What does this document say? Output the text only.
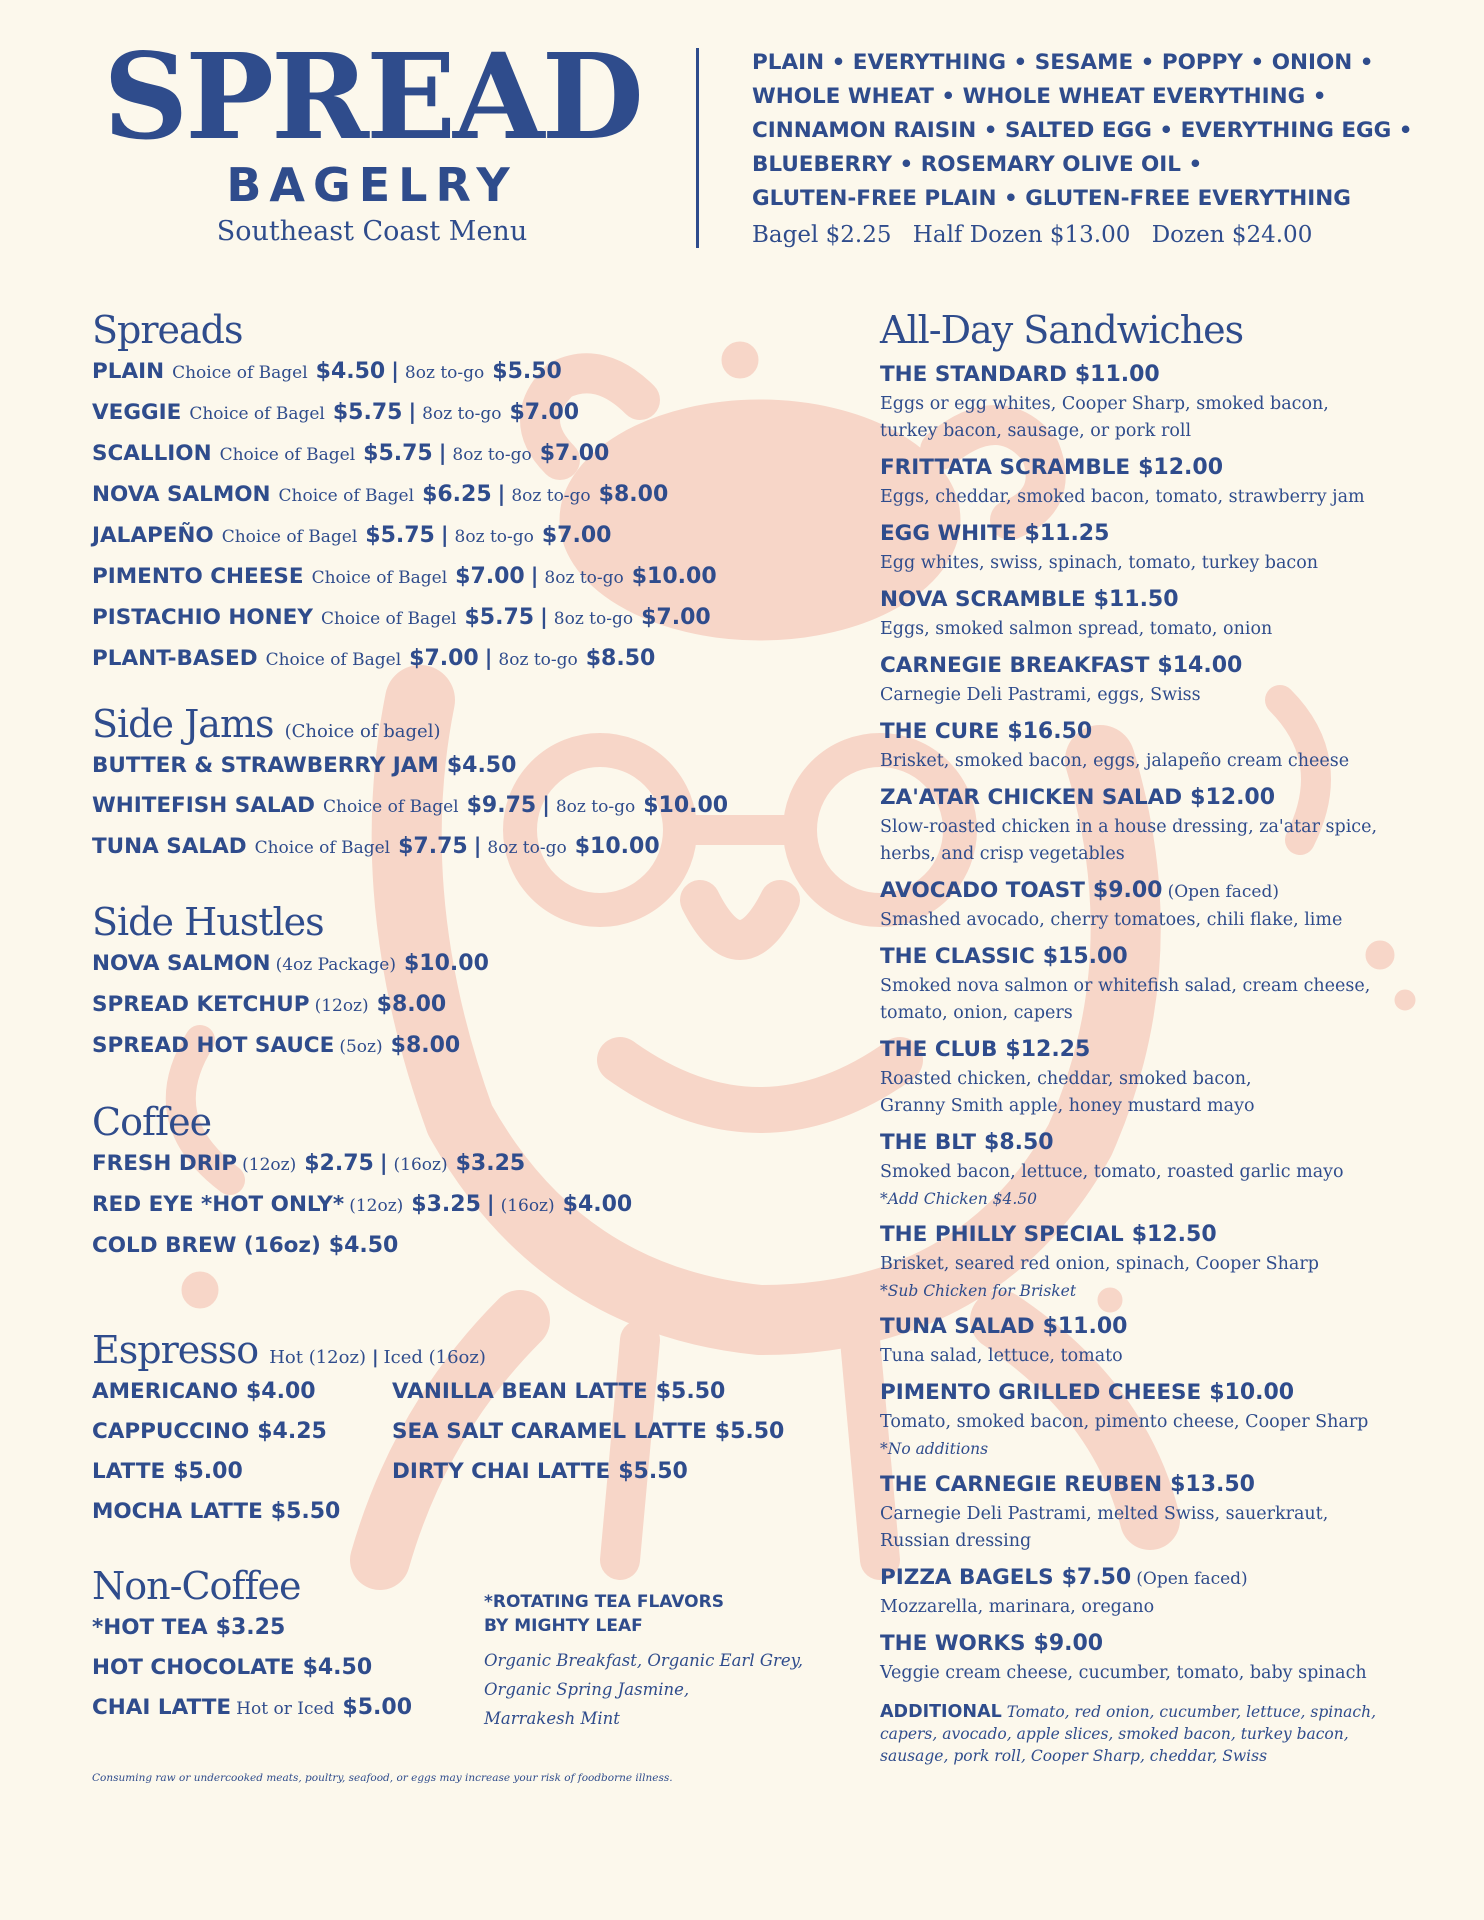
SPREAD
BAGELRY
Southeast Coast Menu
PLAIN • EVERYTHING • SESAME • POPPY • ONION •
WHOLE WHEAT • WHOLE WHEAT EVERYTHING •
CINNAMON RAISIN • SALTED EGG • EVERYTHING EGG •
BLUEBERRY • ROSEMARY OLIVE OIL •
GLUTEN-FREE PLAIN • GLUTEN-FREE EVERYTHING
Bagel $2.25 Half Dozen $13.00 Dozen $24.00
Spreads
PLAIN Choice of Bagel $4.50 | 8oz to-go $5.50
VEGGIE Choice of Bagel $5.75 | 8oz to-go $7.00
SCALLION Choice of Bagel $5.75 | 8oz to-go $7.00
NOVA SALMON Choice of Bagel $6.25 | 8oz to-go $8.00
JALAPEÑO Choice of Bagel $5.75 | 8oz to-go $7.00
PIMENTO CHEESE Choice of Bagel $7.00 | 8oz to-go $10.00
PISTACHIO HONEY Choice of Bagel $5.75 | 8oz to-go $7.00
PLANT-BASED Choice of Bagel $7.00 | 8oz to-go $8.50
Side Jams (Choice of bagel)
BUTTER & STRAWBERRY JAM $4.50
WHITEFISH SALAD Choice of Bagel $9.75 | 8oz to-go $10.00
TUNA SALAD Choice of Bagel $7.75 | 8oz to-go $10.00
Side Hustles
NOVA SALMON (4oz Package) $10.00
SPREAD KETCHUP (12oz) $8.00
SPREAD HOT SAUCE (5oz) $8.00
Coffee
FRESH DRIP (12oz) $2.75 | (16oz) $3.25
RED EYE *HOT ONLY* (12oz) $3.25 | (16oz) $4.00
COLD BREW (16oz) $4.50
Espresso Hot (12oz) | Iced (16oz)
AMERICANO $4.00
CAPPUCCINO $4.25
LATTE $5.00
MOCHA LATTE $5.50
VANILLA BEAN LATTE $5.50
SEA SALT CARAMEL LATTE $5.50
DIRTY CHAI LATTE $5.50
Non-Coffee
*HOT TEA $3.25
HOT CHOCOLATE $4.50
CHAI LATTE Hot or Iced $5.00
*ROTATING TEA FLAVORS
BY MIGHTY LEAF
Organic Breakfast, Organic Earl Grey,
Organic Spring Jasmine,
Marrakesh Mint
Consuming raw or undercooked meats, poultry, seafood, or eggs may increase your risk of foodborne illness.
All-Day Sandwiches
THE STANDARD $11.00
Eggs or egg whites, Cooper Sharp, smoked bacon,
turkey bacon, sausage, or pork roll
FRITTATA SCRAMBLE $12.00
Eggs, cheddar, smoked bacon, tomato, strawberry jam
EGG WHITE $11.25
Egg whites, swiss, spinach, tomato, turkey bacon
NOVA SCRAMBLE $11.50
Eggs, smoked salmon spread, tomato, onion
CARNEGIE BREAKFAST $14.00
Carnegie Deli Pastrami, eggs, Swiss
THE CURE $16.50
Brisket, smoked bacon, eggs, jalapeño cream cheese
ZA'ATAR CHICKEN SALAD $12.00
Slow-roasted chicken in a house dressing, za'atar spice,
herbs, and crisp vegetables
AVOCADO TOAST $9.00 (Open faced)
Smashed avocado, cherry tomatoes, chili flake, lime
THE CLASSIC $15.00
Smoked nova salmon or whitefish salad, cream cheese,
tomato, onion, capers
THE CLUB $12.25
Roasted chicken, cheddar, smoked bacon,
Granny Smith apple, honey mustard mayo
THE BLT $8.50
Smoked bacon, lettuce, tomato, roasted garlic mayo
*Add Chicken $4.50
THE PHILLY SPECIAL $12.50
Brisket, seared red onion, spinach, Cooper Sharp
*Sub Chicken for Brisket
TUNA SALAD $11.00
Tuna salad, lettuce, tomato
PIMENTO GRILLED CHEESE $10.00
Tomato, smoked bacon, pimento cheese, Cooper Sharp
*No additions
THE CARNEGIE REUBEN $13.50
Carnegie Deli Pastrami, melted Swiss, sauerkraut,
Russian dressing
PIZZA BAGELS $7.50 (Open faced)
Mozzarella, marinara, oregano
THE WORKS $9.00
Veggie cream cheese, cucumber, tomato, baby spinach
ADDITIONAL Tomato, red onion, cucumber, lettuce, spinach, capers, avocado, apple slices, smoked bacon, turkey bacon, sausage, pork roll, Cooper Sharp, cheddar, Swiss
